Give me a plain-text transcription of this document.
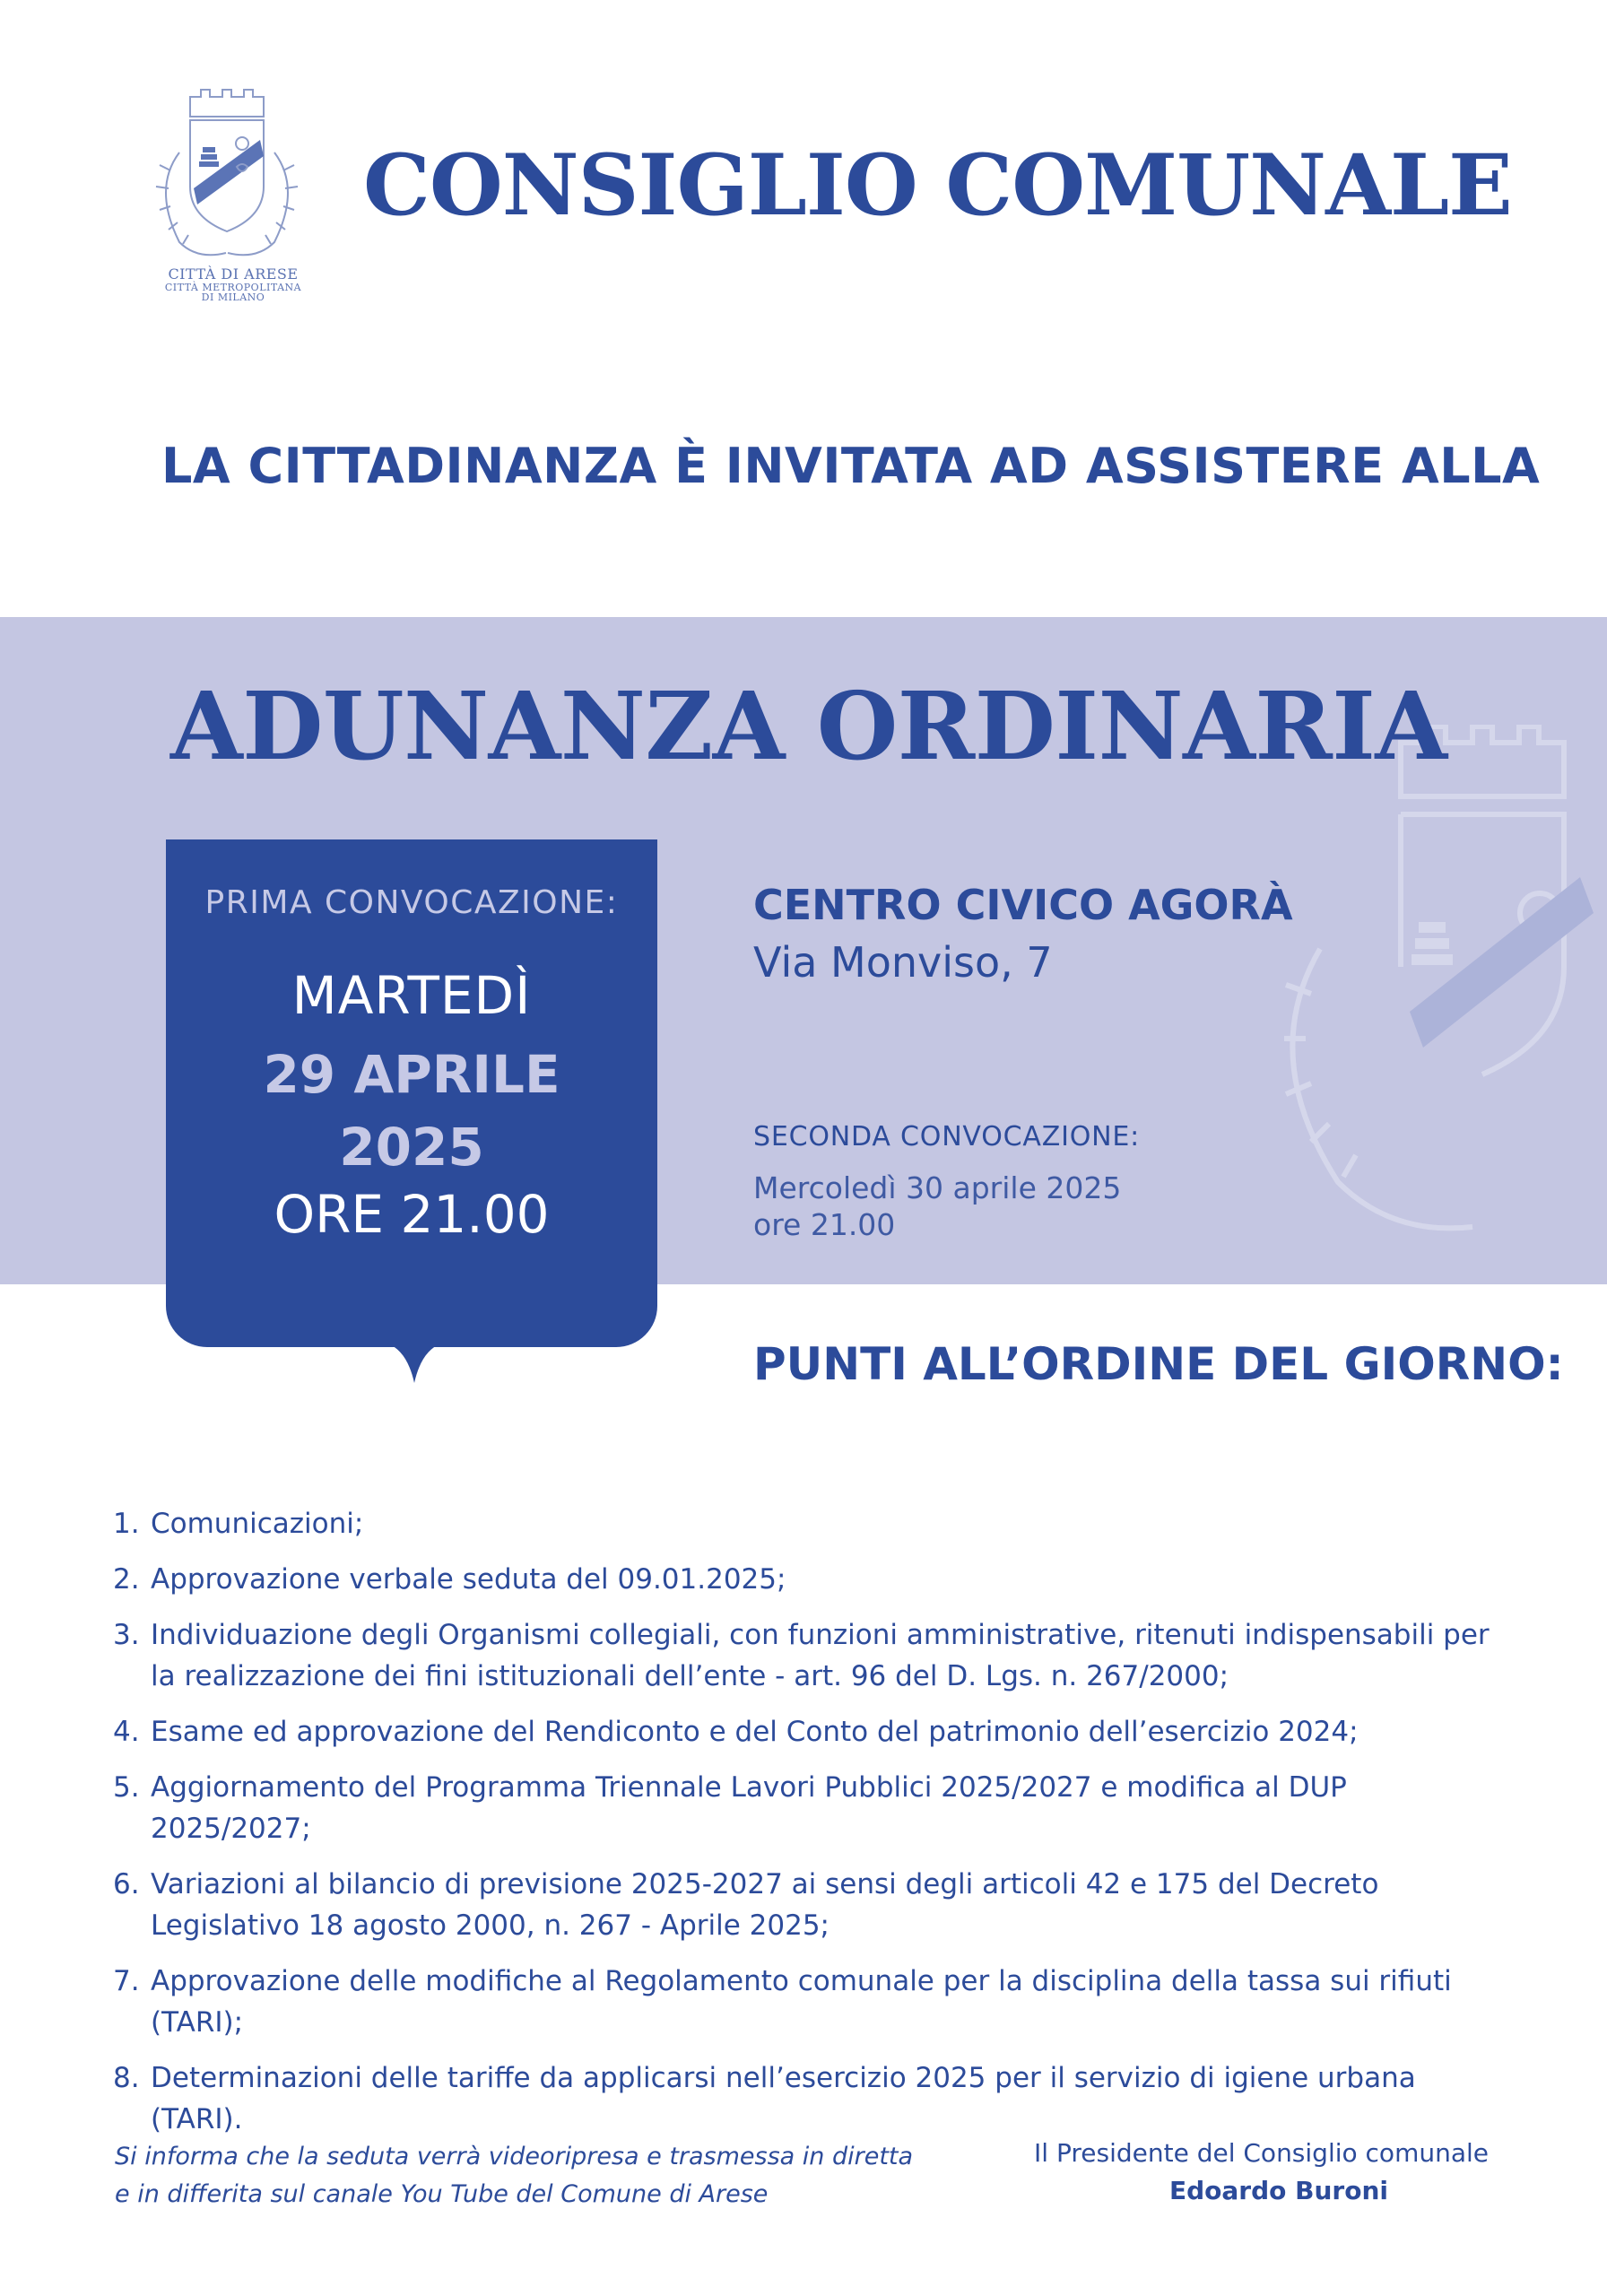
CITTÀ DI ARESE
CITTÀ METROPOLITANA
DI MILANO
CONSIGLIO COMUNALE
LA CITTADINANZA È INVITATA AD ASSISTERE ALLA
ADUNANZA ORDINARIA
PRIMA CONVOCAZIONE:
MARTEDÌ
29 APRILE
2025
ORE 21.00
CENTRO CIVICO AGORÀ
Via Monviso, 7
SECONDA CONVOCAZIONE:
Mercoledì 30 aprile 2025
ore 21.00
PUNTI ALL’ORDINE DEL GIORNO:
1. Comunicazioni;
2. Approvazione verbale seduta del 09.01.2025;
3. Individuazione degli Organismi collegiali, con funzioni amministrative, ritenuti indispensabili per la realizzazione dei fini istituzionali dell’ente - art. 96 del D. Lgs. n. 267/2000;
4. Esame ed approvazione del Rendiconto e del Conto del patrimonio dell’esercizio 2024;
5. Aggiornamento del Programma Triennale Lavori Pubblici 2025/2027 e modifica al DUP 2025/2027;
6. Variazioni al bilancio di previsione 2025-2027 ai sensi degli articoli 42 e 175 del Decreto Legislativo 18 agosto 2000, n. 267 - Aprile 2025;
7. Approvazione delle modifiche al Regolamento comunale per la disciplina della tassa sui rifiuti (TARI);
8. Determinazioni delle tariffe da applicarsi nell’esercizio 2025 per il servizio di igiene urbana (TARI).
Si informa che la seduta verrà videoripresa e trasmessa in diretta
e in differita sul canale You Tube del Comune di Arese
Il Presidente del Consiglio comunale
Edoardo Buroni
